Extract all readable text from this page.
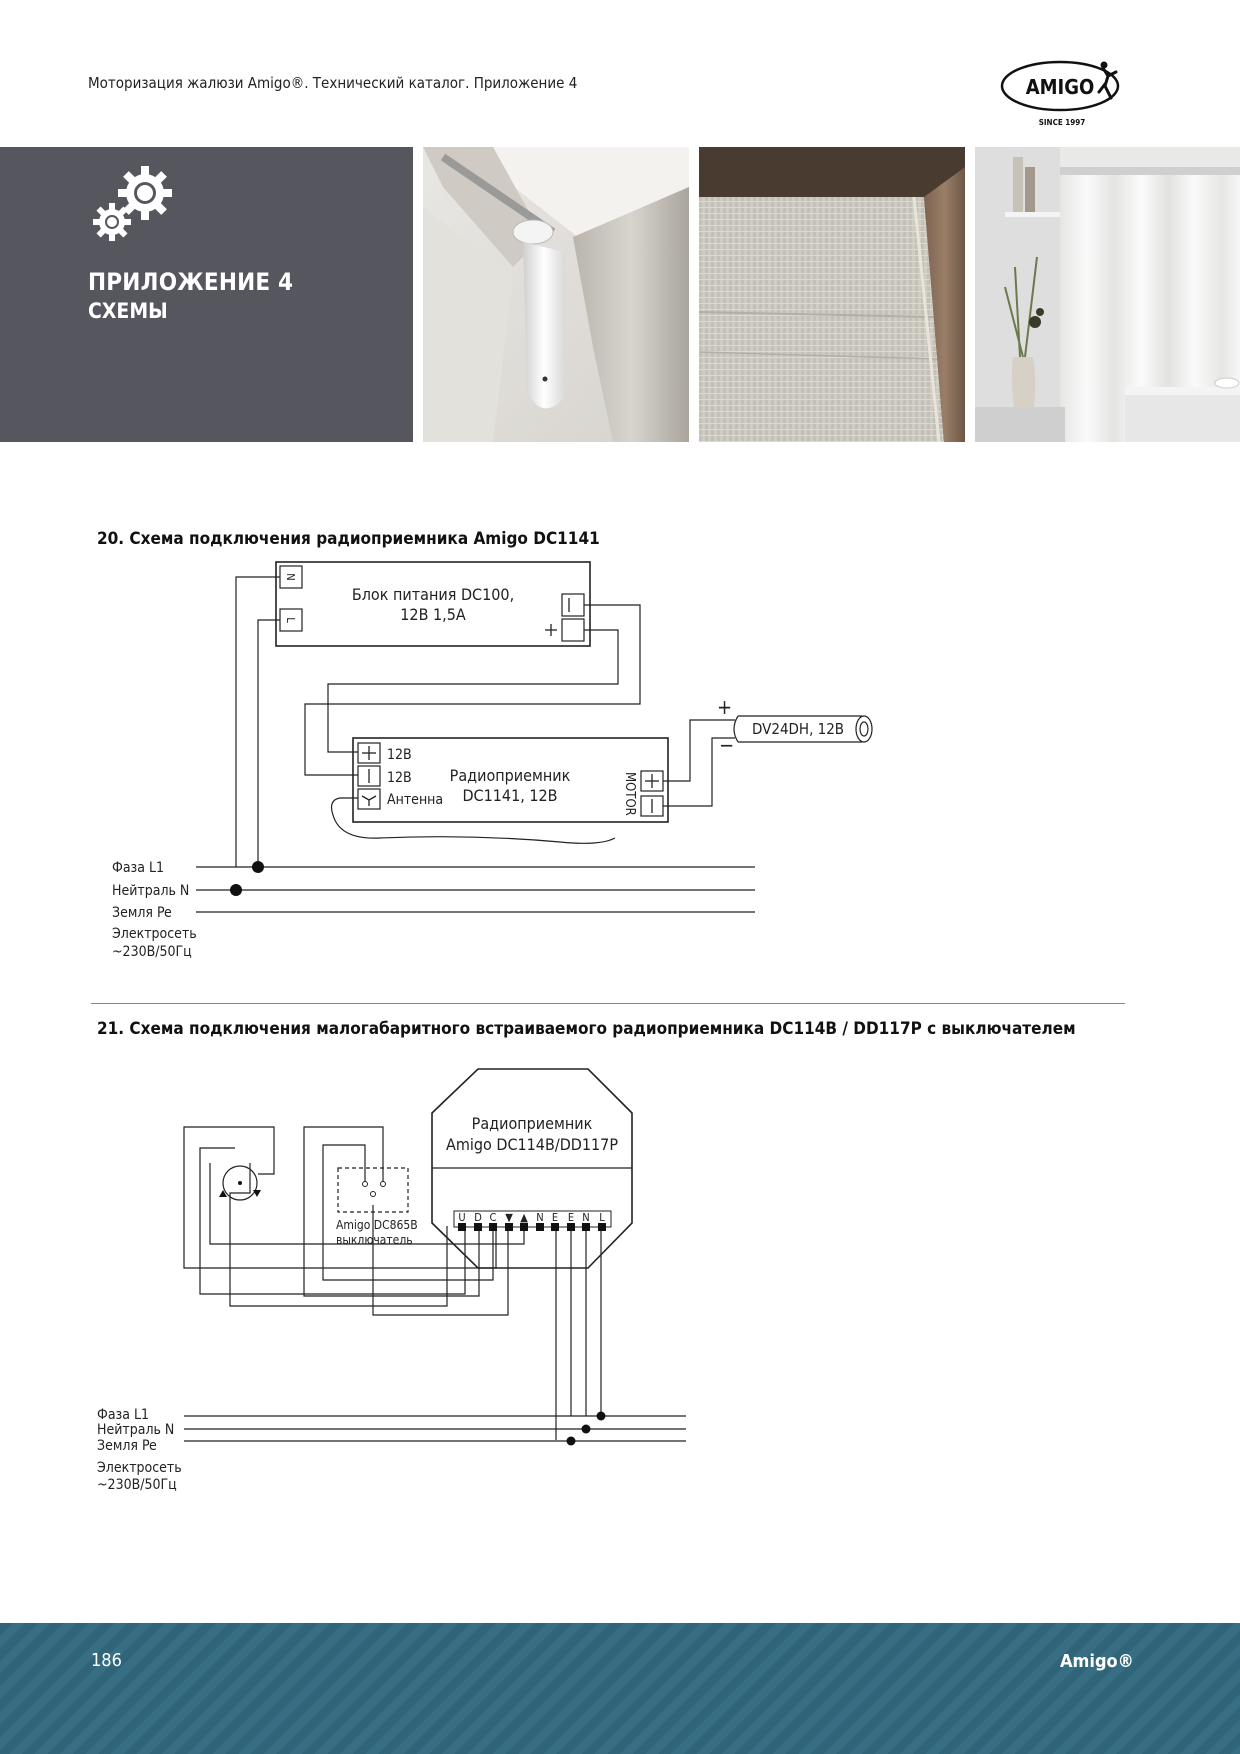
Моторизация жалюзи Amigo®. Технический каталог. Приложение 4	AMIGO
SINCE 1997
ПРИЛОЖЕНИЕ 4
СХЕМЫ
20. Схема подключения радиоприемника Amigo DC1141
N
L
Блок питания DC100,
12В 1,5А
Радиоприемник
DC1141, 12В
12В
12В
Антенна	MOTOR
DV24DH, 12В
+
−
Фаза L1
Нейтраль N
Земля Pe
Электросеть
~230В/50Гц
21. Схема подключения малогабаритного встраиваемого радиоприемника DC114B / DD117P с выключателем
U D C ▼ ▲ N E E N L
Радиоприемник
Amigo DC114B/DD117P
Amigo DC865B
выключатель
Фаза L1
Нейтраль N
Земля Pe
Электросеть
~230В/50Гц
186	Amigo®
